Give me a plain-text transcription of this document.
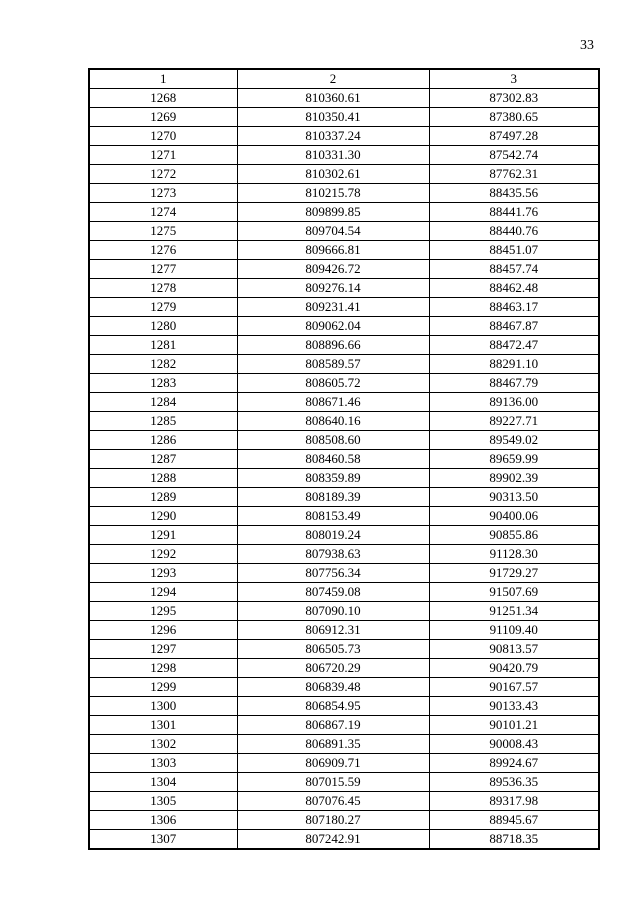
33
1	2	3
1268	810360.61	87302.83
1269	810350.41	87380.65
1270	810337.24	87497.28
1271	810331.30	87542.74
1272	810302.61	87762.31
1273	810215.78	88435.56
1274	809899.85	88441.76
1275	809704.54	88440.76
1276	809666.81	88451.07
1277	809426.72	88457.74
1278	809276.14	88462.48
1279	809231.41	88463.17
1280	809062.04	88467.87
1281	808896.66	88472.47
1282	808589.57	88291.10
1283	808605.72	88467.79
1284	808671.46	89136.00
1285	808640.16	89227.71
1286	808508.60	89549.02
1287	808460.58	89659.99
1288	808359.89	89902.39
1289	808189.39	90313.50
1290	808153.49	90400.06
1291	808019.24	90855.86
1292	807938.63	91128.30
1293	807756.34	91729.27
1294	807459.08	91507.69
1295	807090.10	91251.34
1296	806912.31	91109.40
1297	806505.73	90813.57
1298	806720.29	90420.79
1299	806839.48	90167.57
1300	806854.95	90133.43
1301	806867.19	90101.21
1302	806891.35	90008.43
1303	806909.71	89924.67
1304	807015.59	89536.35
1305	807076.45	89317.98
1306	807180.27	88945.67
1307	807242.91	88718.35
